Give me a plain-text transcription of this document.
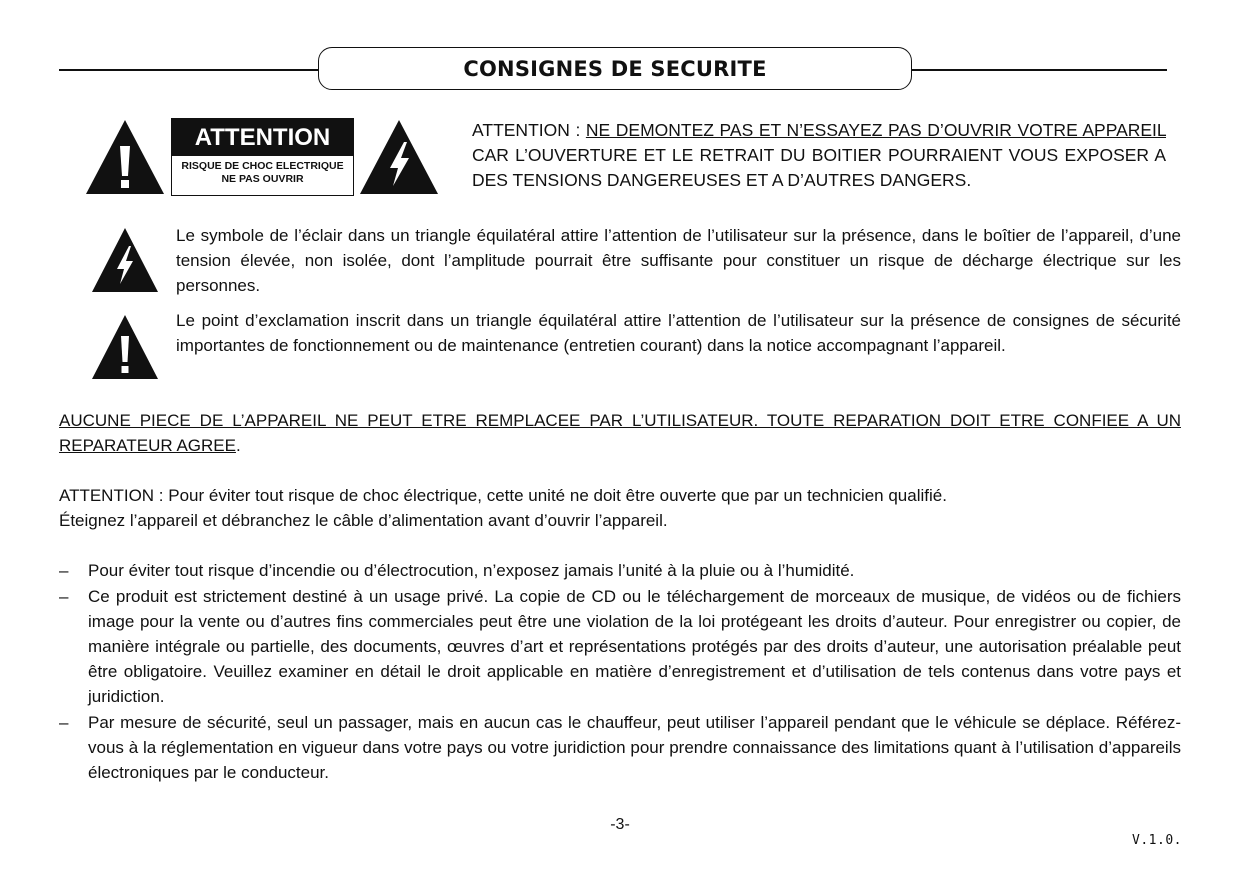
CONSIGNES DE SECURITE
ATTENTION
RISQUE DE CHOC ELECTRIQUE
NE PAS OUVRIR
ATTENTION : NE DEMONTEZ PAS ET N’ESSAYEZ PAS D’OUVRIR VOTRE APPAREIL CAR L’OUVERTURE ET LE RETRAIT DU BOITIER POURRAIENT VOUS EXPOSER A DES TENSIONS DANGEREUSES ET A D’AUTRES DANGERS.
Le symbole de l’éclair dans un triangle équilatéral attire l’attention de l’utilisateur sur la présence, dans le boîtier de l’appareil, d’une tension élevée, non isolée, dont l’amplitude pourrait être suffisante pour constituer un risque de décharge électrique sur les personnes.
Le point d’exclamation inscrit dans un triangle équilatéral attire l’attention de l’utilisateur sur la présence de consignes de sécurité importantes de fonctionnement ou de maintenance (entretien courant) dans la notice accompagnant l’appareil.
AUCUNE PIECE DE L’APPAREIL NE PEUT ETRE REMPLACEE PAR L’UTILISATEUR. TOUTE REPARATION DOIT ETRE CONFIEE A UN REPARATEUR AGREE.
ATTENTION : Pour éviter tout risque de choc électrique, cette unité ne doit être ouverte que par un technicien qualifié.
Éteignez l’appareil et débranchez le câble d’alimentation avant d’ouvrir l’appareil.
– Pour éviter tout risque d’incendie ou d’électrocution, n’exposez jamais l’unité à la pluie ou à l’humidité.
– Ce produit est strictement destiné à un usage privé. La copie de CD ou le téléchargement de morceaux de musique, de vidéos ou de fichiers image pour la vente ou d’autres fins commerciales peut être une violation de la loi protégeant les droits d’auteur. Pour enregistrer ou copier, de manière intégrale ou partielle, des documents, œuvres d’art et représentations protégés par des droits d’auteur, une autorisation préalable peut être obligatoire. Veuillez examiner en détail le droit applicable en matière d’enregistrement et d’utilisation de tels contenus dans votre pays et juridiction.
– Par mesure de sécurité, seul un passager, mais en aucun cas le chauffeur, peut utiliser l’appareil pendant que le véhicule se déplace. Référez-vous à la réglementation en vigueur dans votre pays ou votre juridiction pour prendre connaissance des limitations quant à l’utilisation d’appareils électroniques par le conducteur.
-3-
V.1.0.
